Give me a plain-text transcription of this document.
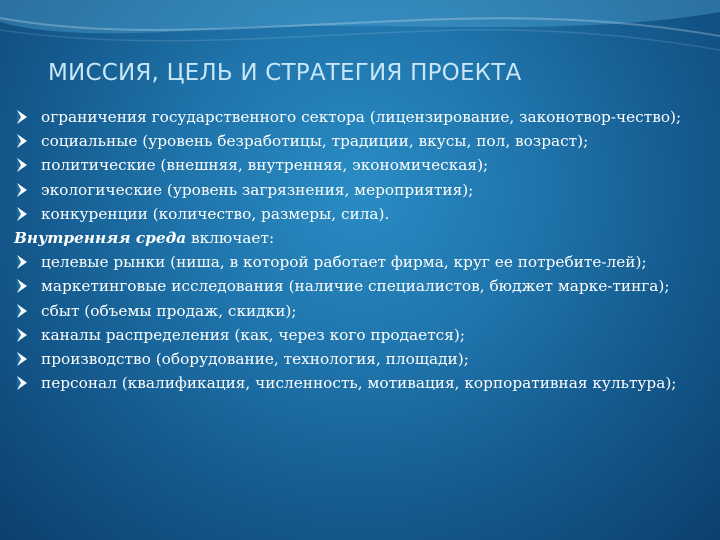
МИССИЯ, ЦЕЛЬ И СТРАТЕГИЯ ПРОЕКТА
ограничения государственного сектора (лицензирование, законотвор-чество);
социальные (уровень безработицы, традиции, вкусы, пол, возраст);
политические (внешняя, внутренняя, экономическая);
экологические (уровень загрязнения, мероприятия);
конкуренции (количество, размеры, сила).
Внутренняя среда включает:
целевые рынки (ниша, в которой работает фирма, круг ее потребите-лей);
маркетинговые исследования (наличие специалистов, бюджет марке-тинга);
сбыт (объемы продаж, скидки);
каналы распределения (как, через кого продается);
производство (оборудование, технология, площади);
персонал (квалификация, численность, мотивация, корпоративная культура);
